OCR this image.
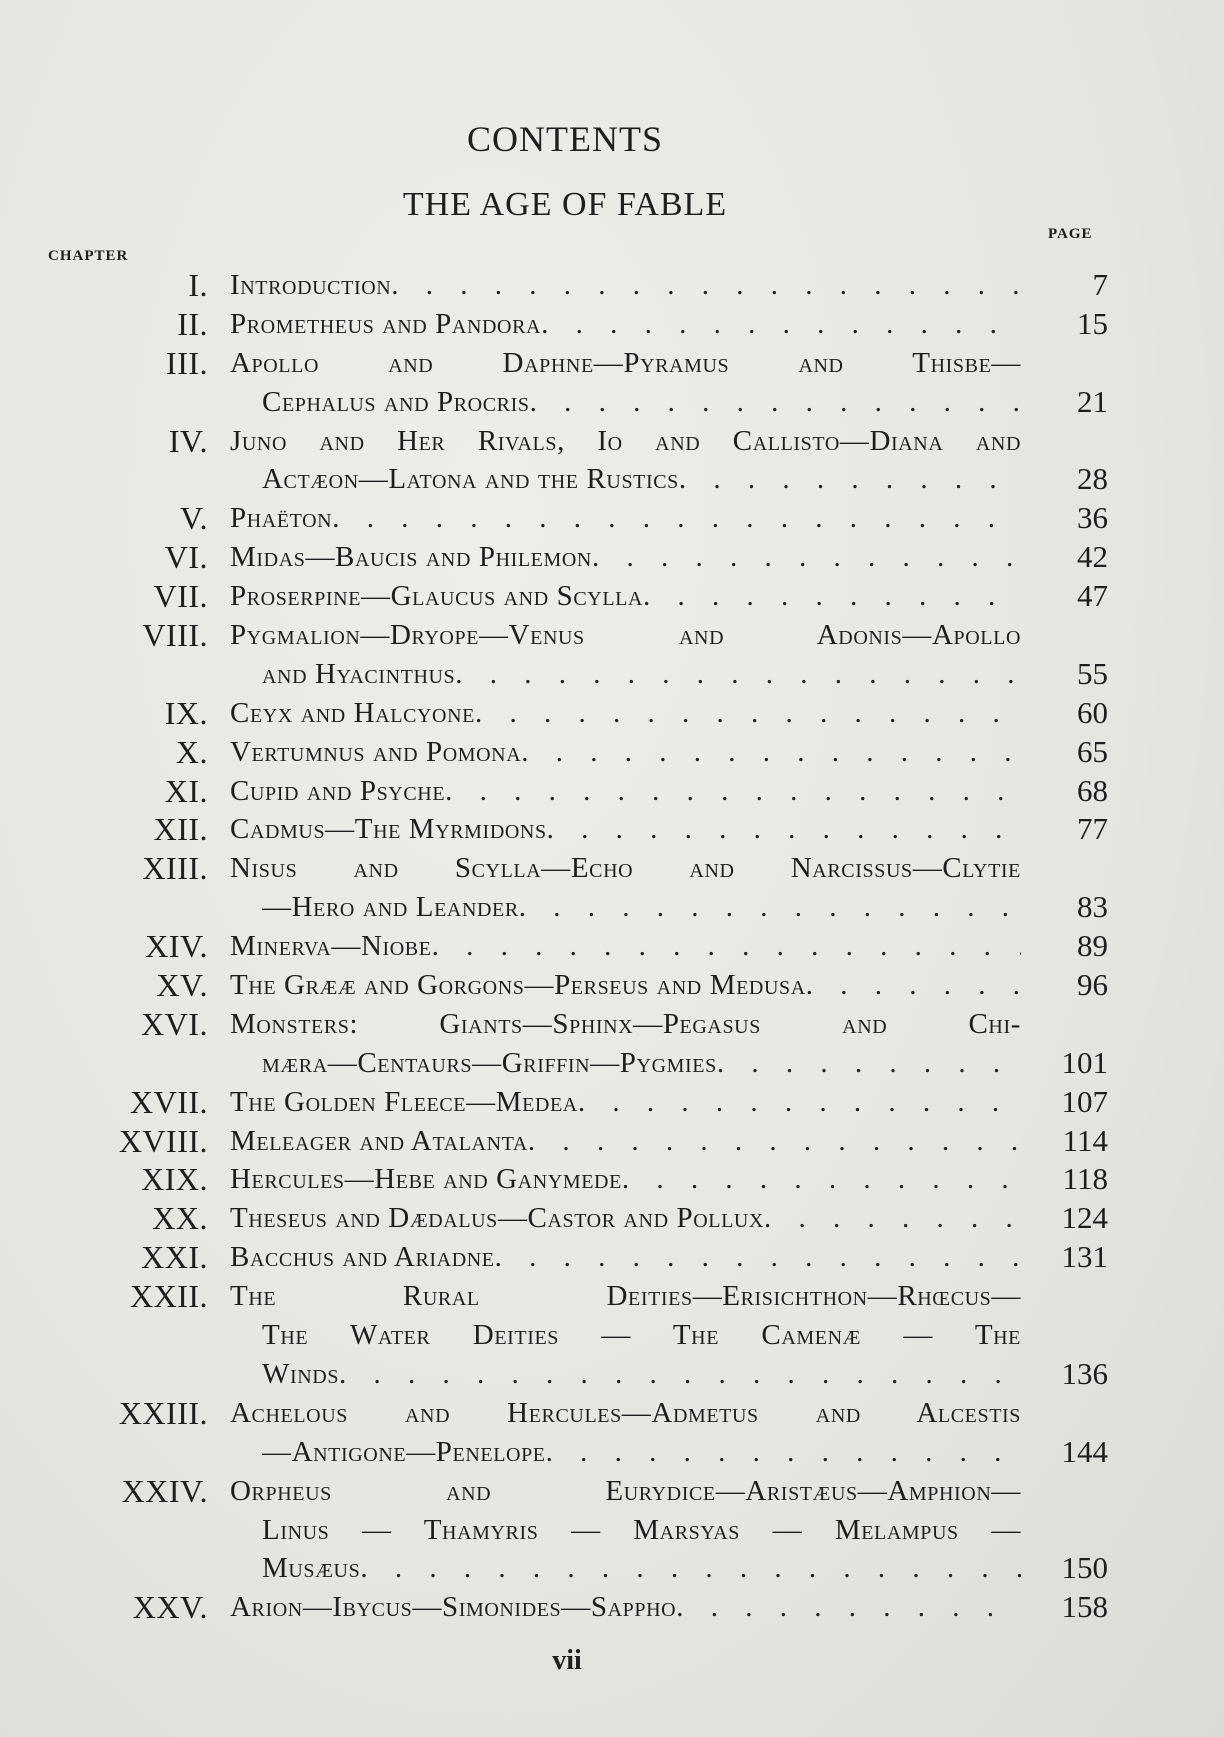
CONTENTS
THE AGE OF FABLE
PAGE
CHAPTER
I. Introduction . . .	7
II. Prometheus and Pandora . . .	15
III. Apollo and Daphne—Pyramus and Thisbe—
Cephalus and Procris . . .	21
IV. Juno and Her Rivals, Io and Callisto—Diana and
Actæon—Latona and the Rustics . . .	28
V. Phaëton . . .	36
VI. Midas—Baucis and Philemon . . .	42
VII. Proserpine—Glaucus and Scylla . . .	47
VIII. Pygmalion—Dryope—Venus and Adonis—Apollo
and Hyacinthus . . .	55
IX. Ceyx and Halcyone . . .	60
X. Vertumnus and Pomona . . .	65
XI. Cupid and Psyche . . .	68
XII. Cadmus—The Myrmidons . . .	77
XIII. Nisus and Scylla—Echo and Narcissus—Clytie
—Hero and Leander . . .	83
XIV. Minerva—Niobe . . .	89
XV. The Grææ and Gorgons—Perseus and Medusa . . .	96
XVI. Monsters: Giants—Sphinx—Pegasus and Chi-
mæra—Centaurs—Griffin—Pygmies . . .	101
XVII. The Golden Fleece—Medea . . .	107
XVIII. Meleager and Atalanta . . .	114
XIX. Hercules—Hebe and Ganymede . . .	118
XX. Theseus and Dædalus—Castor and Pollux . . .	124
XXI. Bacchus and Ariadne . . .	131
XXII. The Rural Deities—Erisichthon—Rhœcus—
The Water Deities — The Camenæ — The
Winds . . .	136
XXIII. Achelous and Hercules—Admetus and Alcestis
—Antigone—Penelope . . .	144
XXIV. Orpheus and Eurydice—Aristæus—Amphion—
Linus — Thamyris — Marsyas — Melampus —
Musæus . . .	150
XXV. Arion—Ibycus—Simonides—Sappho . . .	158
vii
